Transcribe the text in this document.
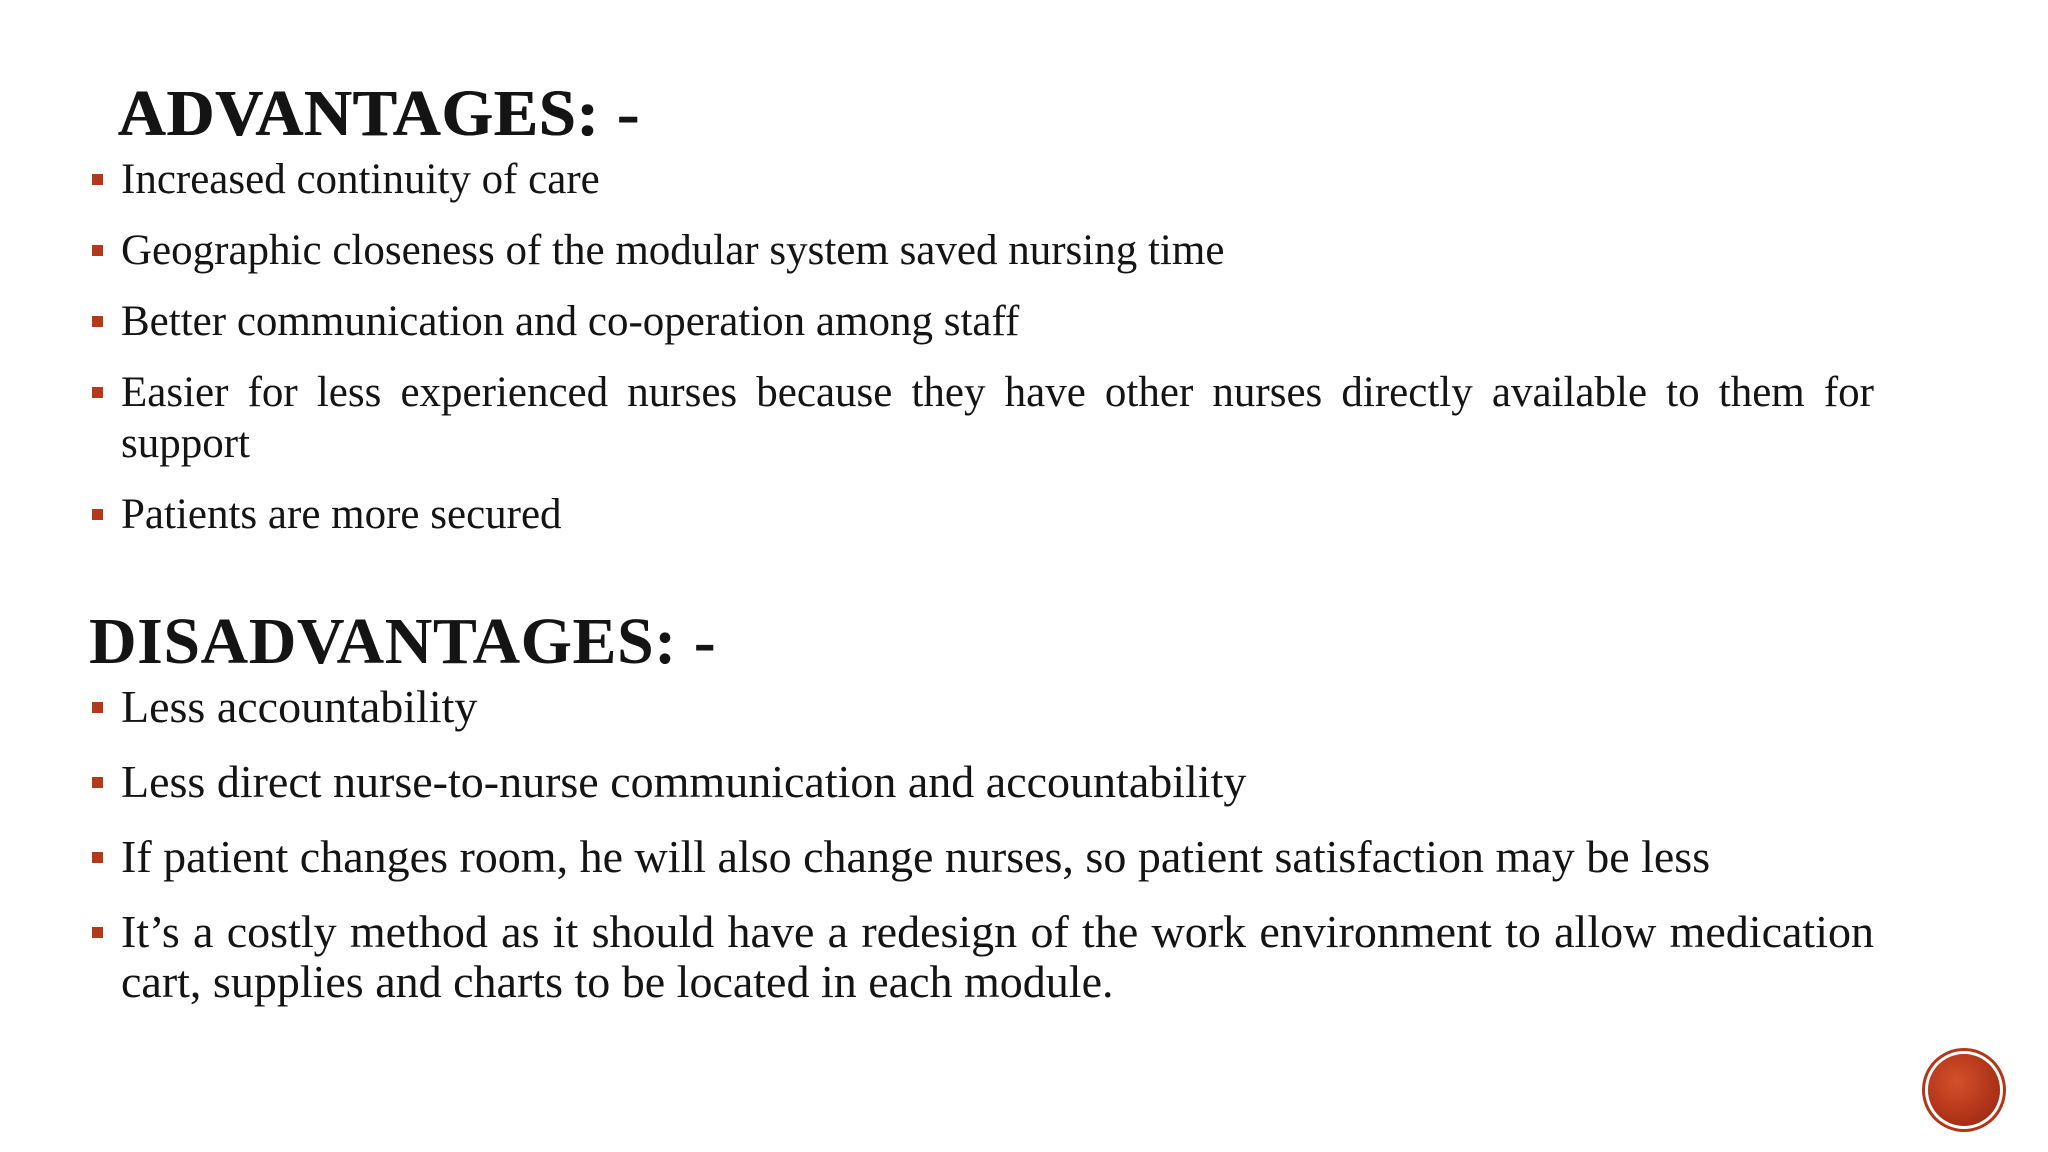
ADVANTAGES: -
Increased continuity of care
Geographic closeness of the modular system saved nursing time
Better communication and co-operation among staff
Easier for less experienced nurses because they have other nurses directly available to them for support
Patients are more secured
DISADVANTAGES: -
Less accountability
Less direct nurse-to-nurse communication and accountability
If patient changes room, he will also change nurses, so patient satisfaction may be less
It’s a costly method as it should have a redesign of the work environment to allow medication cart, supplies and charts to be located in each module.
